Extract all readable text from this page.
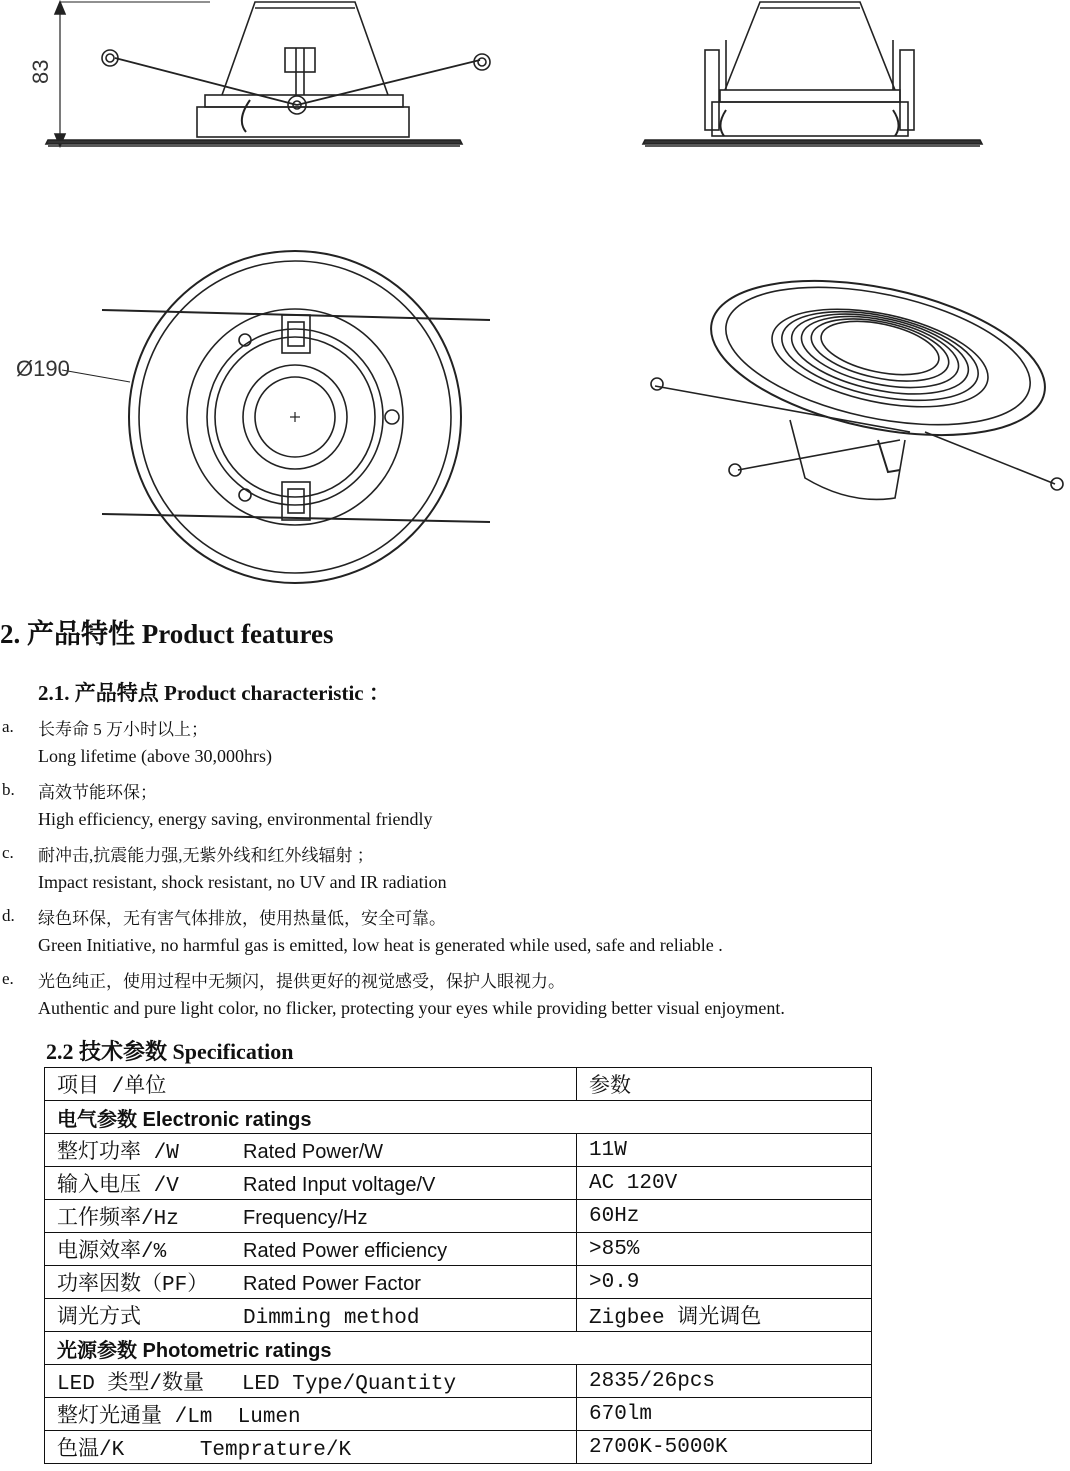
83
Ø190
2. 产品特性 Product features
2.1. 产品特点 Product characteristic ：
a. 长寿命 5 万小时以上；
Long lifetime (above 30,000hrs)
b. 高效节能环保；
High efficiency, energy saving, environmental friendly
c. 耐冲击,抗震能力强,无紫外线和红外线辐射 ；
Impact resistant, shock resistant, no UV and IR radiation
d. 绿色环保，无有害气体排放，使用热量低，安全可靠。
Green Initiative, no harmful gas is emitted, low heat is generated while used, safe and reliable .
e. 光色纯正，使用过程中无频闪，提供更好的视觉感受，保护人眼视力。
Authentic and pure light color, no flicker, protecting your eyes while providing better visual enjoyment.
2.2 技术参数 Specification
项目 /单位	参数
电气参数 Electronic ratings	
整灯功率 /W Rated Power/W	11W
输入电压 /V Rated Input voltage/V	AC 120V
工作频率/Hz Frequency/Hz	60Hz
电源效率/% Rated Power efficiency	>85%
功率因数（PF） Rated Power Factor	>0.9
调光方式 Dimming method	Zigbee 调光调色
光源参数 Photometric ratings	
LED 类型/数量   LED Type/Quantity	2835/26pcs
整灯光通量 /Lm  Lumen	670lm
色温/K      Temprature/K	2700K-5000K
